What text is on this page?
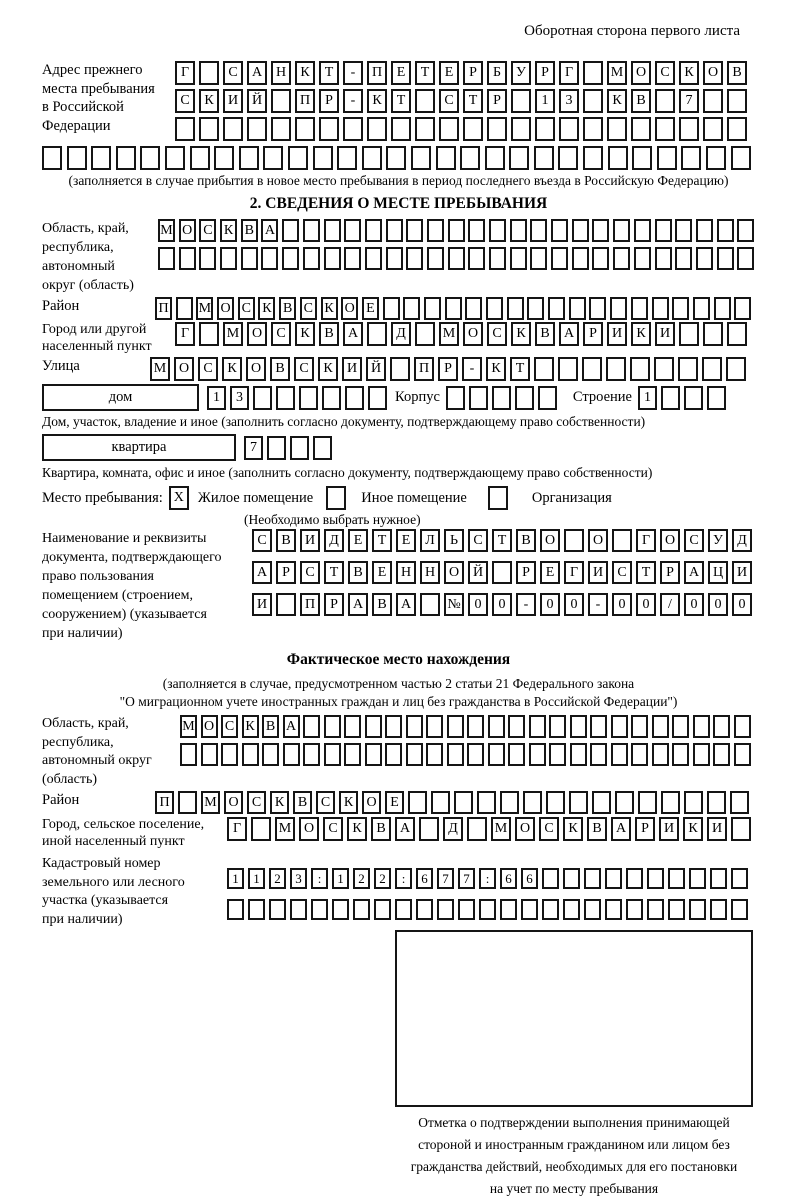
Оборотная сторона первого листа
Адрес прежнего
места пребывания
в Российской
Федерации
Г	С	А Н	К	Т	-	П	Е	Т	Е	Р	Б	У	Р	Г	М О	С	К	О	В
С	К	И Й	П	Р	-	К	Т	С	Т	Р	1	3	К	В	7
(заполняется в случае прибытия в новое место пребывания в период последнего въезда в Российскую Федерацию)
2. СВЕДЕНИЯ О МЕСТЕ ПРЕБЫВАНИЯ
Область, край,
республика,
автономный
округ (область)
М О С К В А
Район	П М О С К В С К О Е
Город или другой
населенный пункт
Г	М О	С	К	В	А	Д	М О	С	К	В	А	Р	И	К	И
Улица	М О	С	К	О	В	С	К	И Й	П	Р	-	К	Т
дом	1	3	Корпус	Строение 1
Дом, участок, владение и иное (заполнить согласно документу, подтверждающему право собственности)
квартира	7
Квартира, комната, офис и иное (заполнить согласно документу, подтверждающему право собственности)
Место пребывания: X Жилое помещение	Иное помещение	Организация
(Необходимо выбрать нужное)
Наименование и реквизиты
документа, подтверждающего
право пользования
помещением (строением,
сооружением) (указывается
при наличии)
С	В	И	Д	Е	Т	Е	Л	Ь	С	Т	В	О	О	Г	О	С	У	Д
А	Р	С	Т	В	Е	Н Н О Й	Р	Е	Г	И	С	Т	Р	А Ц И
И	П	Р	А	В	А	№ 0	0	-	0	0	-	0	0	/	0	0	0
Фактическое место нахождения
(заполняется в случае, предусмотренном частью 2 статьи 21 Федерального закона
"О миграционном учете иностранных граждан и лиц без гражданства в Российской Федерации")
Область, край,
республика,
автономный округ
(область)
М О С К В А
Район	П	М О С К В С К О Е
Город, сельское поселение,
иной населенный пункт
Г	М О	С	К	В	А	Д	М О	С	К	В	А	Р	И	К	И
Кадастровый номер
земельного или лесного
участка (указывается
при наличии)
1	1	2	3	:	1	2	2	:	6	7	7	:	6	6
Отметка о подтверждении выполнения принимающей
стороной и иностранным гражданином или лицом без
гражданства действий, необходимых для его постановки
на учет по месту пребывания
